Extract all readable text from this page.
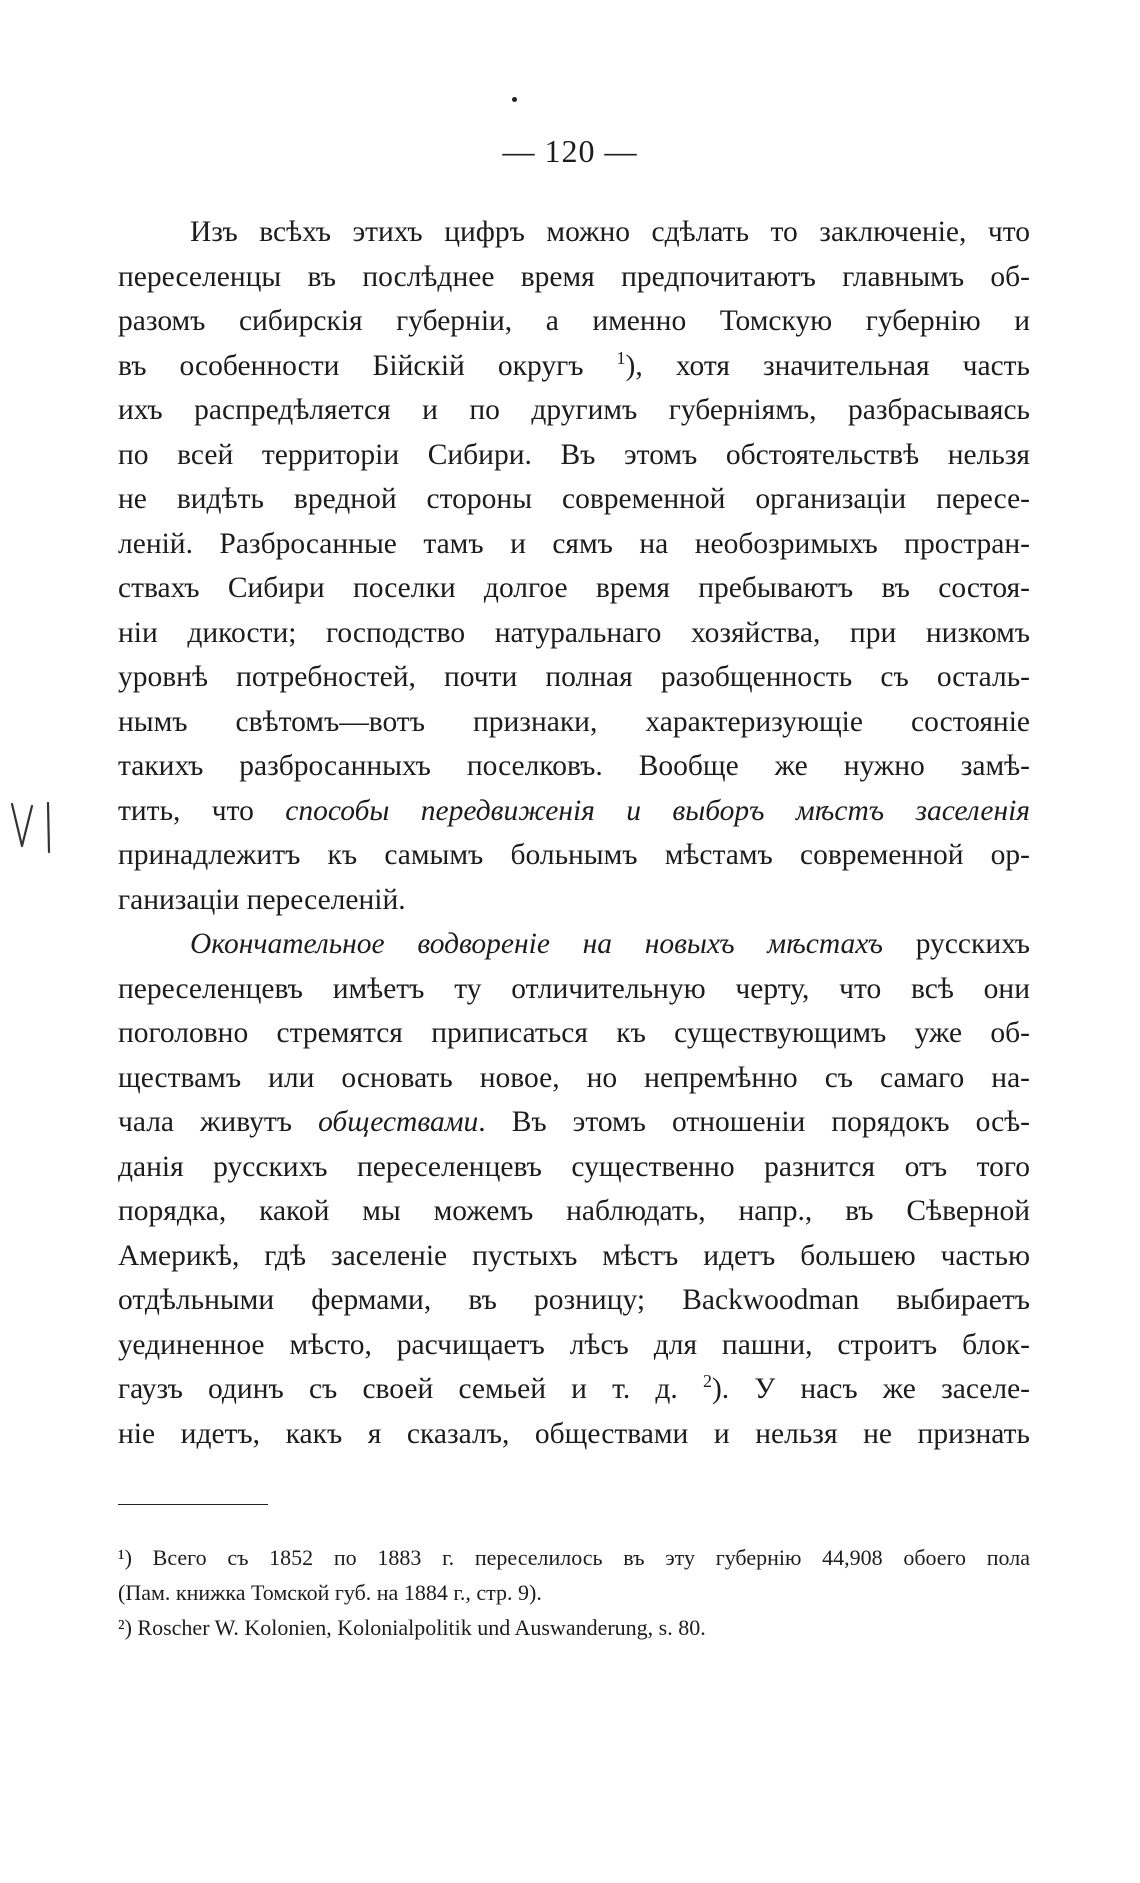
— 120 —
Изъ всѣхъ этихъ цифръ можно сдѣлать то заключеніе, что
переселенцы въ послѣднее время предпочитаютъ главнымъ об-
разомъ сибирскія губерніи, а именно Томскую губернію и
въ особенности Бійскій округъ $^1$), хотя значительная часть
ихъ распредѣляется и по другимъ губерніямъ, разбрасываясь
по всей территоріи Сибири. Въ этомъ обстоятельствѣ нельзя
не видѣть вредной стороны современной организаціи пересе-
леній. Разбросанные тамъ и сямъ на необозримыхъ простран-
ствахъ Сибири поселки долгое время пребываютъ въ состоя-
ніи дикости; господство натуральнаго хозяйства, при низкомъ
уровнѣ потребностей, почти полная разобщенность съ осталь-
нымъ свѣтомъ—вотъ признаки, характеризующіе состояніе
такихъ разбросанныхъ поселковъ. Вообще же нужно замѣ-
тить, что способы передвиженія и выборъ мѣстъ заселенія
принадлежитъ къ самымъ больнымъ мѣстамъ современной ор-
ганизаціи переселеній.
Окончательное водвореніе на новыхъ мѣстахъ русскихъ
переселенцевъ имѣетъ ту отличительную черту, что всѣ они
поголовно стремятся приписаться къ существующимъ уже об-
ществамъ или основать новое, но непремѣнно съ самаго на-
чала живутъ обществами. Въ этомъ отношеніи порядокъ осѣ-
данія русскихъ переселенцевъ существенно разнится отъ того
порядка, какой мы можемъ наблюдать, напр., въ Сѣверной
Америкѣ, гдѣ заселеніе пустыхъ мѣстъ идетъ большею частью
отдѣльными фермами, въ розницу; Backwoodman выбираетъ
уединенное мѣсто, расчищаетъ лѣсъ для пашни, строитъ блок-
гаузъ одинъ съ своей семьей и т. д. $^2$). У насъ же заселе-
ніе идетъ, какъ я сказалъ, обществами и нельзя не признать
¹) Всего съ 1852 по 1883 г. переселилось въ эту губернію 44,908 обоего пола
(Пам. книжка Томской губ. на 1884 г., стр. 9).
²) Roscher W. Kolonien, Kolonialpolitik und Auswanderung, s. 80.
